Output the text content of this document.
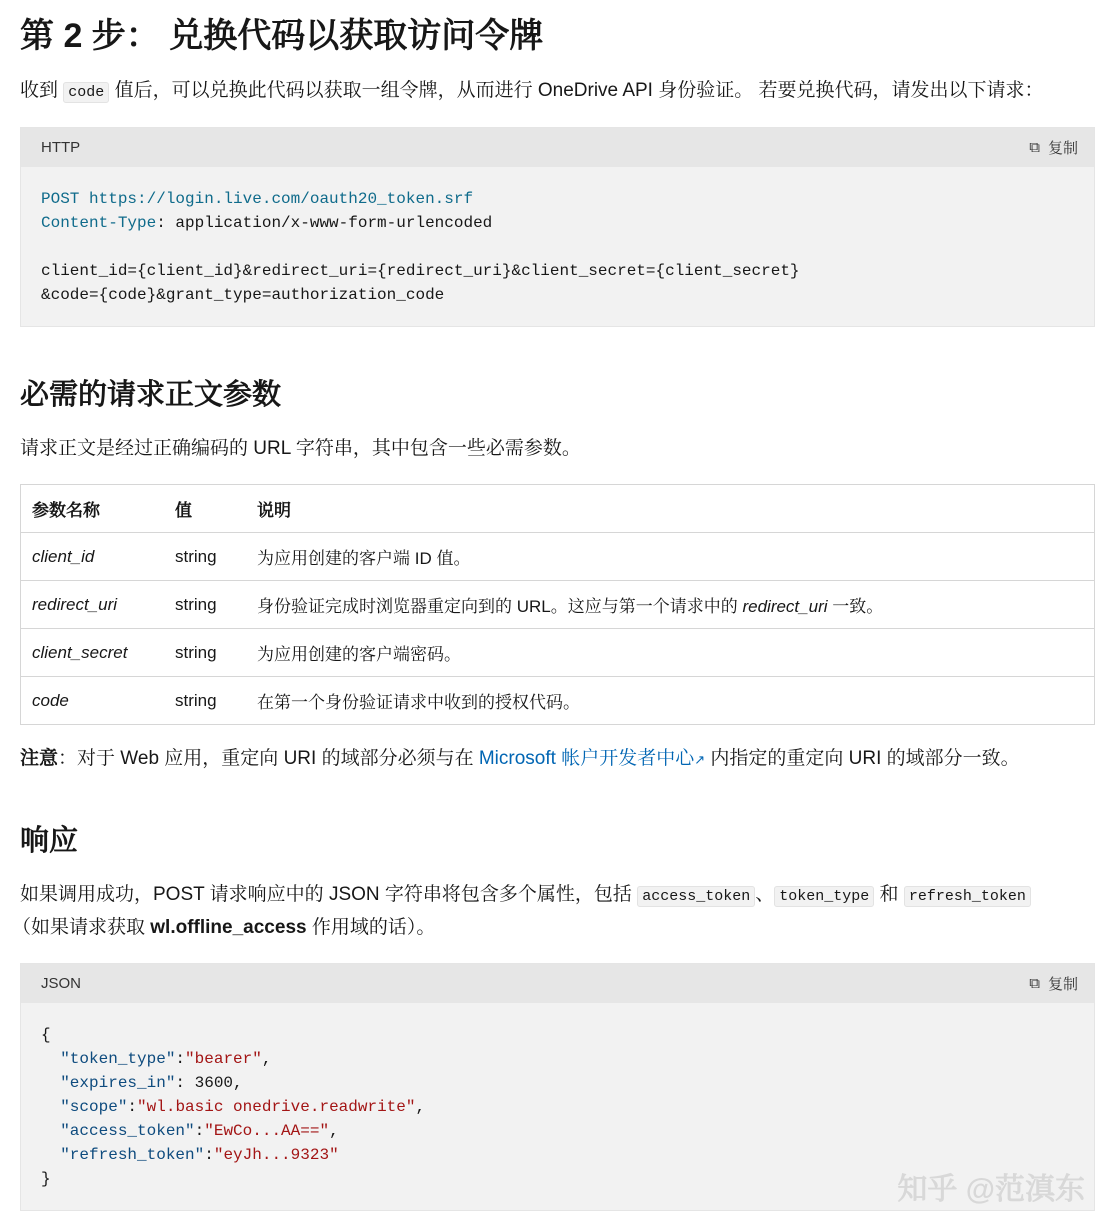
第 2 步： 兑换代码以获取访问令牌

收到 code 值后，可以兑换此代码以获取一组令牌，从而进行 OneDrive API 身份验证。 若要兑换代码，请发出以下请求：

HTTP	⧉ 复制
POST https://login.live.com/oauth20_token.srf
Content-Type: application/x-www-form-urlencoded

client_id={client_id}&redirect_uri={redirect_uri}&client_secret={client_secret}
&code={code}&grant_type=authorization_code
必需的请求正文参数

请求正文是经过正确编码的 URL 字符串，其中包含一些必需参数。

参数名称	值	说明
client_id	string	为应用创建的客户端 ID 值。
redirect_uri	string	身份验证完成时浏览器重定向到的 URL。这应与第一个请求中的 redirect_uri 一致。
client_secret	string	为应用创建的客户端密码。
code	string	在第一个身份验证请求中收到的授权代码。

注意：对于 Web 应用，重定向 URI 的域部分必须与在 Microsoft 帐户开发者中心↗ 内指定的重定向 URI 的域部分一致。

响应

如果调用成功，POST 请求响应中的 JSON 字符串将包含多个属性，包括 access_token 、 token_type 和 refresh_token

（如果请求获取 wl.offline_access 作用域的话）。

JSON	⧉ 复制
{
"token_type":"bearer",
"expires_in": 3600,
"scope":"wl.basic onedrive.readwrite",
"access_token":"EwCo...AA==",
"refresh_token":"eyJh...9323"
}	知乎 @范滇东
